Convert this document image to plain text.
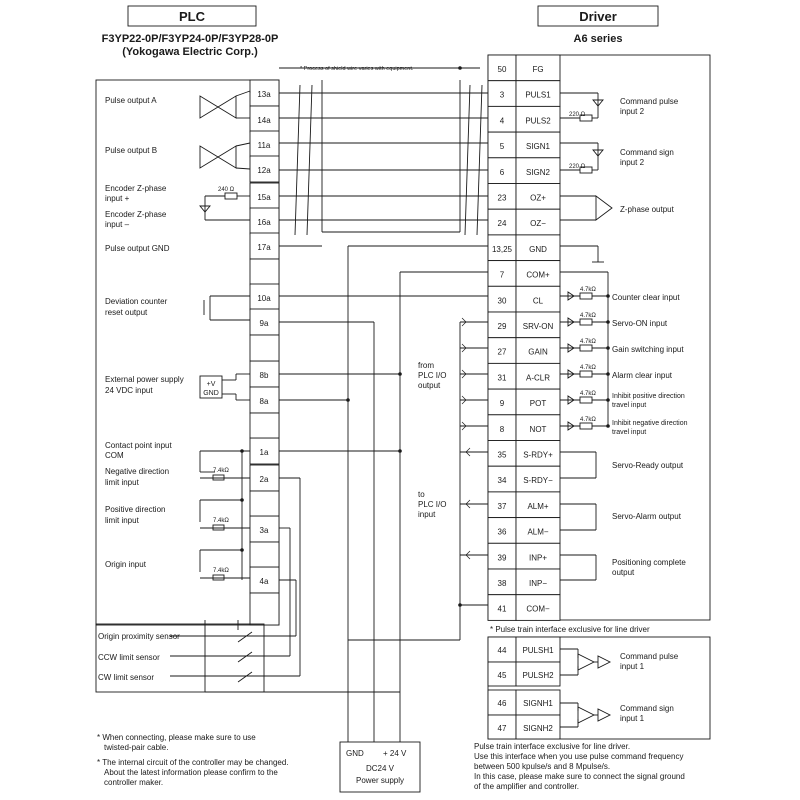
PLC
F3YP22-0P/F3YP24-0P/F3YP28-0P
(Yokogawa Electric Corp.)
Driver
A6 series
* Process of shield wire varies with equipment.
13a
14a
11a
12a
15a
16a
17a
10a
9a
8b
8a
1a
2a
3a
4a
50	FG
3	PULS1
4	PULS2
5	SIGN1
6	SIGN2
23	OZ+
24	OZ−
13,25 GND
7	COM+
30	CL
29 SRV-ON
27	GAIN
31 A-CLR
9	POT
8	NOT
35 S-RDY+
34 S-RDY−
37	ALM+
36	ALM−
39	INP+
38	INP−
41 COM−
Pulse output A
Pulse output B
Encoder Z-phase
input +
Encoder Z-phase
input –
Pulse output GND
Deviation counter
reset output
External power supply
24 VDC input
Contact point input
COM
Negative direction
limit input
Positive direction
limit input
Origin input
240 Ω
+V
GND
7.4kΩ
7.4kΩ
7.4kΩ
from
PLC I/O
output
to
PLC I/O
input
4.7kΩ
4.7kΩ
4.7kΩ
4.7kΩ
4.7kΩ
4.7kΩ
220 Ω
220 Ω
Command pulse
input 2
Command sign
input 2
Z-phase output
Counter clear input
Servo-ON input
Gain switching input
Alarm clear input
Inhibit positive direction
travel input
Inhibit negative direction
travel input
Servo-Ready output
Servo-Alarm output
Positioning complete
output
* Pulse train interface exclusive for line driver
44 PULSH1
45 PULSH2
46 SIGNH1
47 SIGNH2
Command pulse
input 1
Command sign
input 1
Pulse train interface exclusive for line driver.
Use this interface when you use pulse command frequency
between 500 kpulse/s and 8 Mpulse/s.
In this case, please make sure to connect the signal ground
of the amplifier and controller.
Origin proximity sensor
CCW limit sensor
CW limit sensor
GND + 24 V
DC24 V
Power supply
* When connecting, please make sure to use
twisted-pair cable.
* The internal circuit of the controller may be changed.
About the latest information please confirm to the
controller maker.
